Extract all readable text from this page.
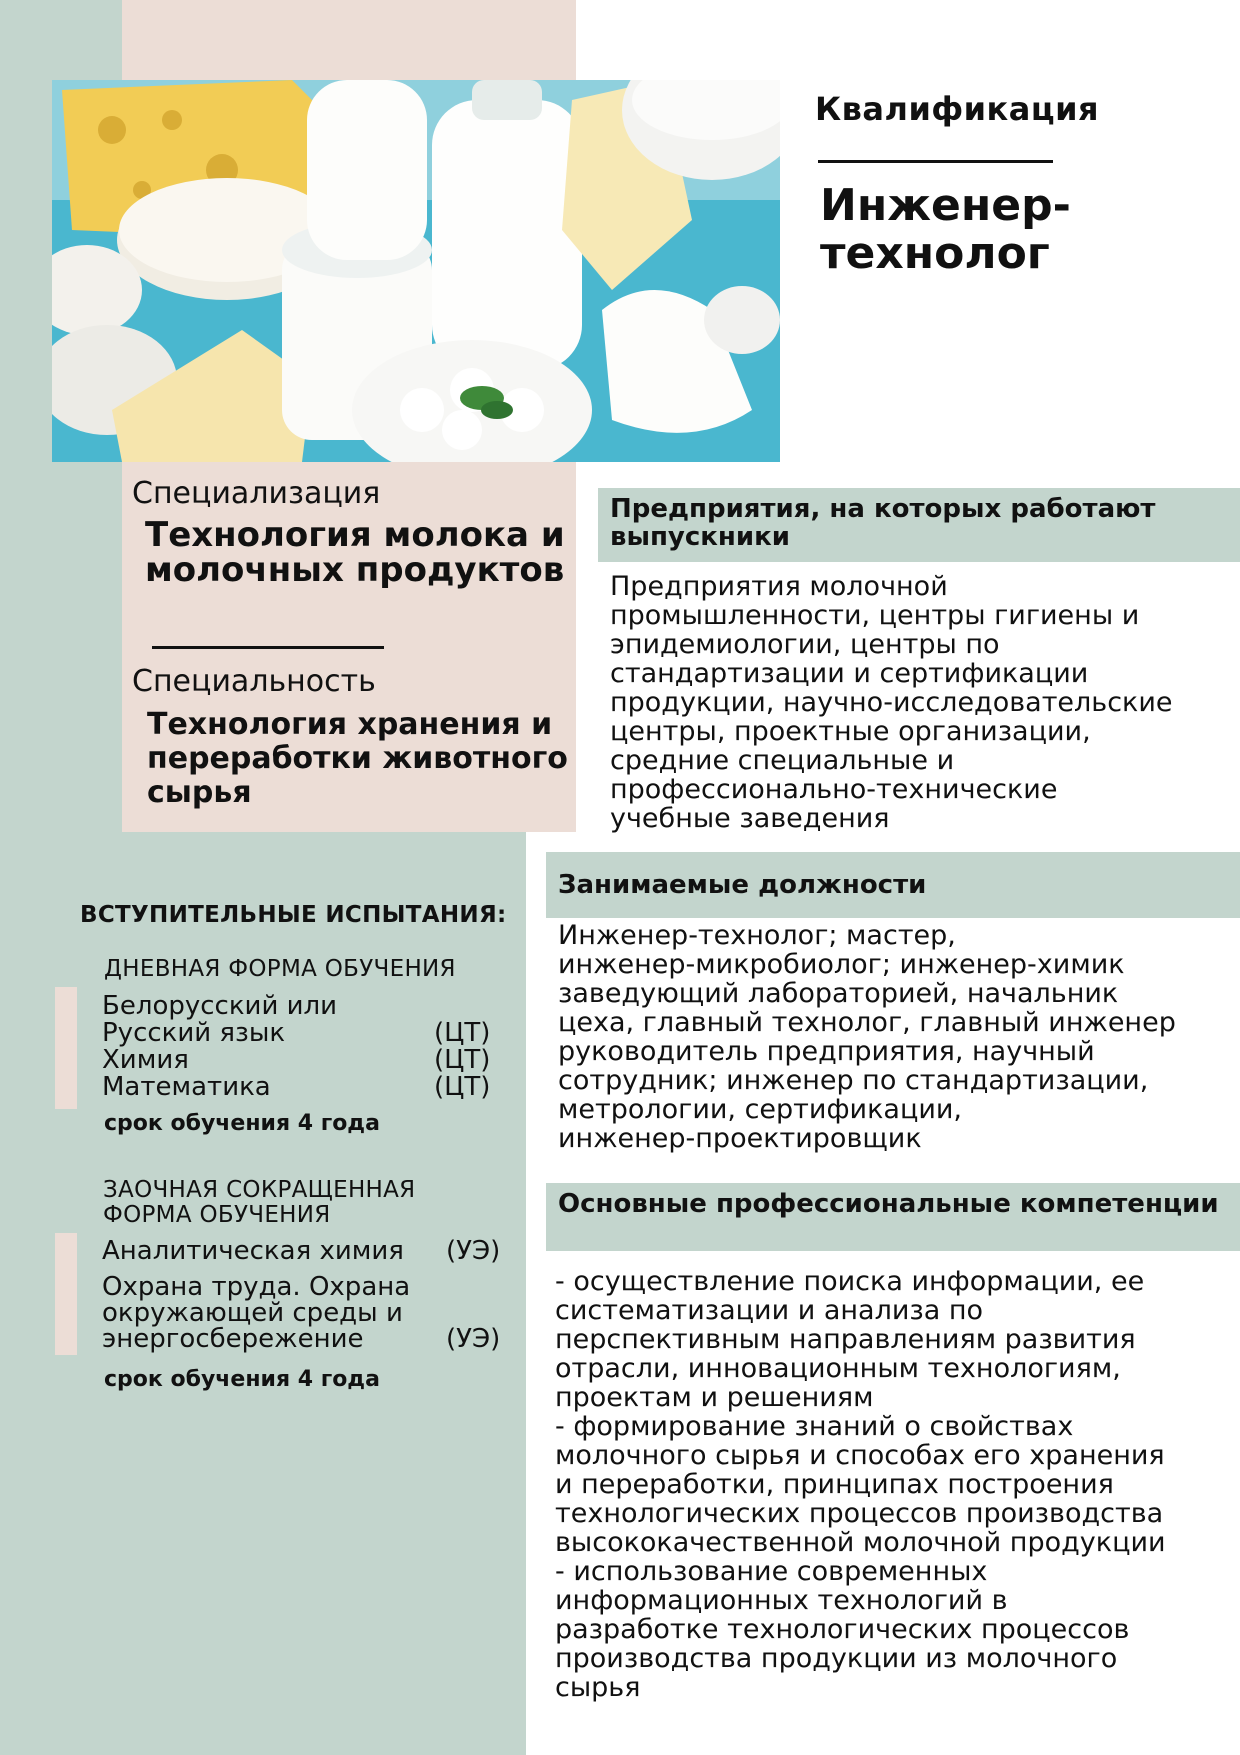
Квалификация
Инженер-
технолог
Специализация
Технология молока и молочных продуктов
Специальность
Технология хранения и переработки животного сырья
Предприятия, на которых работают выпускники
Предприятия молочной
промышленности, центры гигиены и
эпидемиологии, центры по
стандартизации и сертификации
продукции, научно-исследовательские
центры, проектные организации,
средние специальные и
профессионально-технические
учебные заведения
Занимаемые должности
Инженер-технолог; мастер,
инженер-микробиолог; инженер-химик
заведующий лабораторией, начальник
цеха, главный технолог, главный инженер
руководитель предприятия, научный
сотрудник; инженер по стандартизации,
метрологии, сертификации,
инженер-проектировщик
Основные профессиональные компетенции
- осуществление поиска информации, ее
систематизации и анализа по
перспективным направлениям развития
отрасли, инновационным технологиям,
проектам и решениям
- формирование знаний о свойствах
молочного сырья и способах его хранения
и переработки, принципах построения
технологических процессов производства
высококачественной молочной продукции
- использование современных
информационных технологий в
разработке технологических процессов
производства продукции из молочного
сырья
ВСТУПИТЕЛЬНЫЕ ИСПЫТАНИЯ:
ДНЕВНАЯ ФОРМА ОБУЧЕНИЯ
Белорусский или
Русский язык	(ЦТ)
Химия	(ЦТ)
Математика	(ЦТ)
срок обучения 4 года
ЗАОЧНАЯ СОКРАЩЕННАЯ
ФОРМА ОБУЧЕНИЯ
Аналитическая химия (УЭ)
Охрана труда. Охрана
окружающей среды и
энергосбережение	(УЭ)
срок обучения 4 года
